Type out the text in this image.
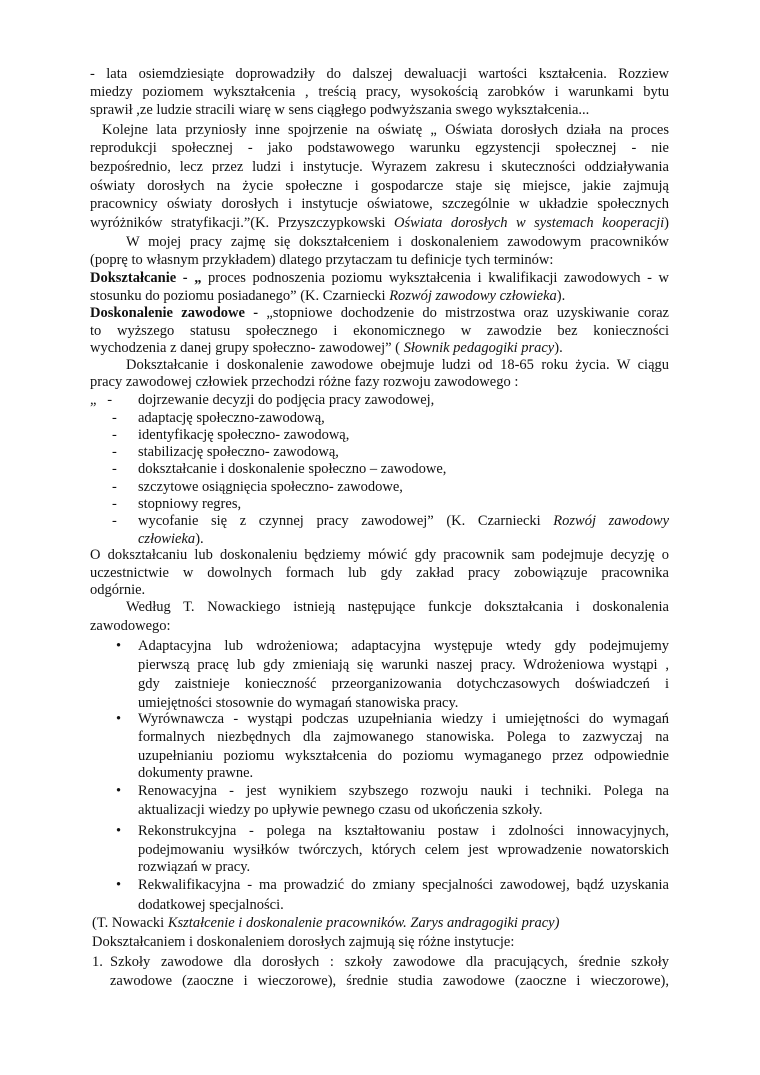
- lata osiemdziesiąte doprowadziły do dalszej dewaluacji wartości kształcenia. Rozziew
miedzy poziomem wykształcenia , treścią pracy, wysokością zarobków i warunkami bytu
sprawił ,ze ludzie stracili wiarę w sens ciągłego podwyższania swego wykształcenia...
Kolejne lata przyniosły inne spojrzenie na oświatę „ Oświata dorosłych działa na proces
reprodukcji społecznej - jako podstawowego warunku egzystencji społecznej - nie
bezpośrednio, lecz przez ludzi i instytucje. Wyrazem zakresu i skuteczności oddziaływania
oświaty dorosłych na życie społeczne i gospodarcze staje się miejsce, jakie zajmują
pracownicy oświaty dorosłych i instytucje oświatowe, szczególnie w układzie społecznych
wyróżników stratyfikacji.”(K. Przyszczypkowski Oświata dorosłych w systemach kooperacji)
W mojej pracy zajmę się dokształceniem i doskonaleniem zawodowym pracowników
(poprę to własnym przykładem) dlatego przytaczam tu definicje tych terminów:
Dokształcanie - „ proces podnoszenia poziomu wykształcenia i kwalifikacji zawodowych - w
stosunku do poziomu posiadanego” (K. Czarniecki Rozwój zawodowy człowieka).
Doskonalenie zawodowe - „stopniowe dochodzenie do mistrzostwa oraz uzyskiwanie coraz
to wyższego statusu społecznego i ekonomicznego w zawodzie bez konieczności
wychodzenia z danej grupy społeczno- zawodowej” ( Słownik pedagogiki pracy).
Dokształcanie i doskonalenie zawodowe obejmuje ludzi od 18-65 roku życia. W ciągu
pracy zawodowej człowiek przechodzi różne fazy rozwoju zawodowego :
„   - dojrzewanie decyzji do podjęcia pracy zawodowej,
- adaptację społeczno-zawodową,
- identyfikację społeczno- zawodową,
- stabilizację społeczno- zawodową,
- dokształcanie i doskonalenie społeczno – zawodowe,
- szczytowe osiągnięcia społeczno- zawodowe,
- stopniowy regres,
- wycofanie się z czynnej pracy zawodowej” (K. Czarniecki Rozwój zawodowy
człowieka).
O dokształcaniu lub doskonaleniu będziemy mówić gdy pracownik sam podejmuje decyzję o
uczestnictwie w dowolnych formach lub gdy zakład pracy zobowiązuje pracownika
odgórnie.
Według T. Nowackiego istnieją następujące funkcje dokształcania i doskonalenia
zawodowego:
• Adaptacyjna lub wdrożeniowa; adaptacyjna występuje wtedy gdy podejmujemy
pierwszą pracę lub gdy zmieniają się warunki naszej pracy. Wdrożeniowa wystąpi ,
gdy zaistnieje konieczność przeorganizowania dotychczasowych doświadczeń i
umiejętności stosownie do wymagań stanowiska pracy.
• Wyrównawcza - wystąpi podczas uzupełniania wiedzy i umiejętności do wymagań
formalnych niezbędnych dla zajmowanego stanowiska. Polega to zazwyczaj na
uzupełnianiu poziomu wykształcenia do poziomu wymaganego przez odpowiednie
dokumenty prawne.
• Renowacyjna - jest wynikiem szybszego rozwoju nauki i techniki. Polega na
aktualizacji wiedzy po upływie pewnego czasu od ukończenia szkoły.
• Rekonstrukcyjna - polega na kształtowaniu postaw i zdolności innowacyjnych,
podejmowaniu wysiłków twórczych, których celem jest wprowadzenie nowatorskich
rozwiązań w pracy.
• Rekwalifikacyjna - ma prowadzić do zmiany specjalności zawodowej, bądź uzyskania
dodatkowej specjalności.
(T. Nowacki Kształcenie i doskonalenie pracowników. Zarys andragogiki pracy)
Dokształcaniem i doskonaleniem dorosłych zajmują się różne instytucje:
1. Szkoły zawodowe dla dorosłych : szkoły zawodowe dla pracujących, średnie szkoły
zawodowe (zaoczne i wieczorowe), średnie studia zawodowe (zaoczne i wieczorowe),
